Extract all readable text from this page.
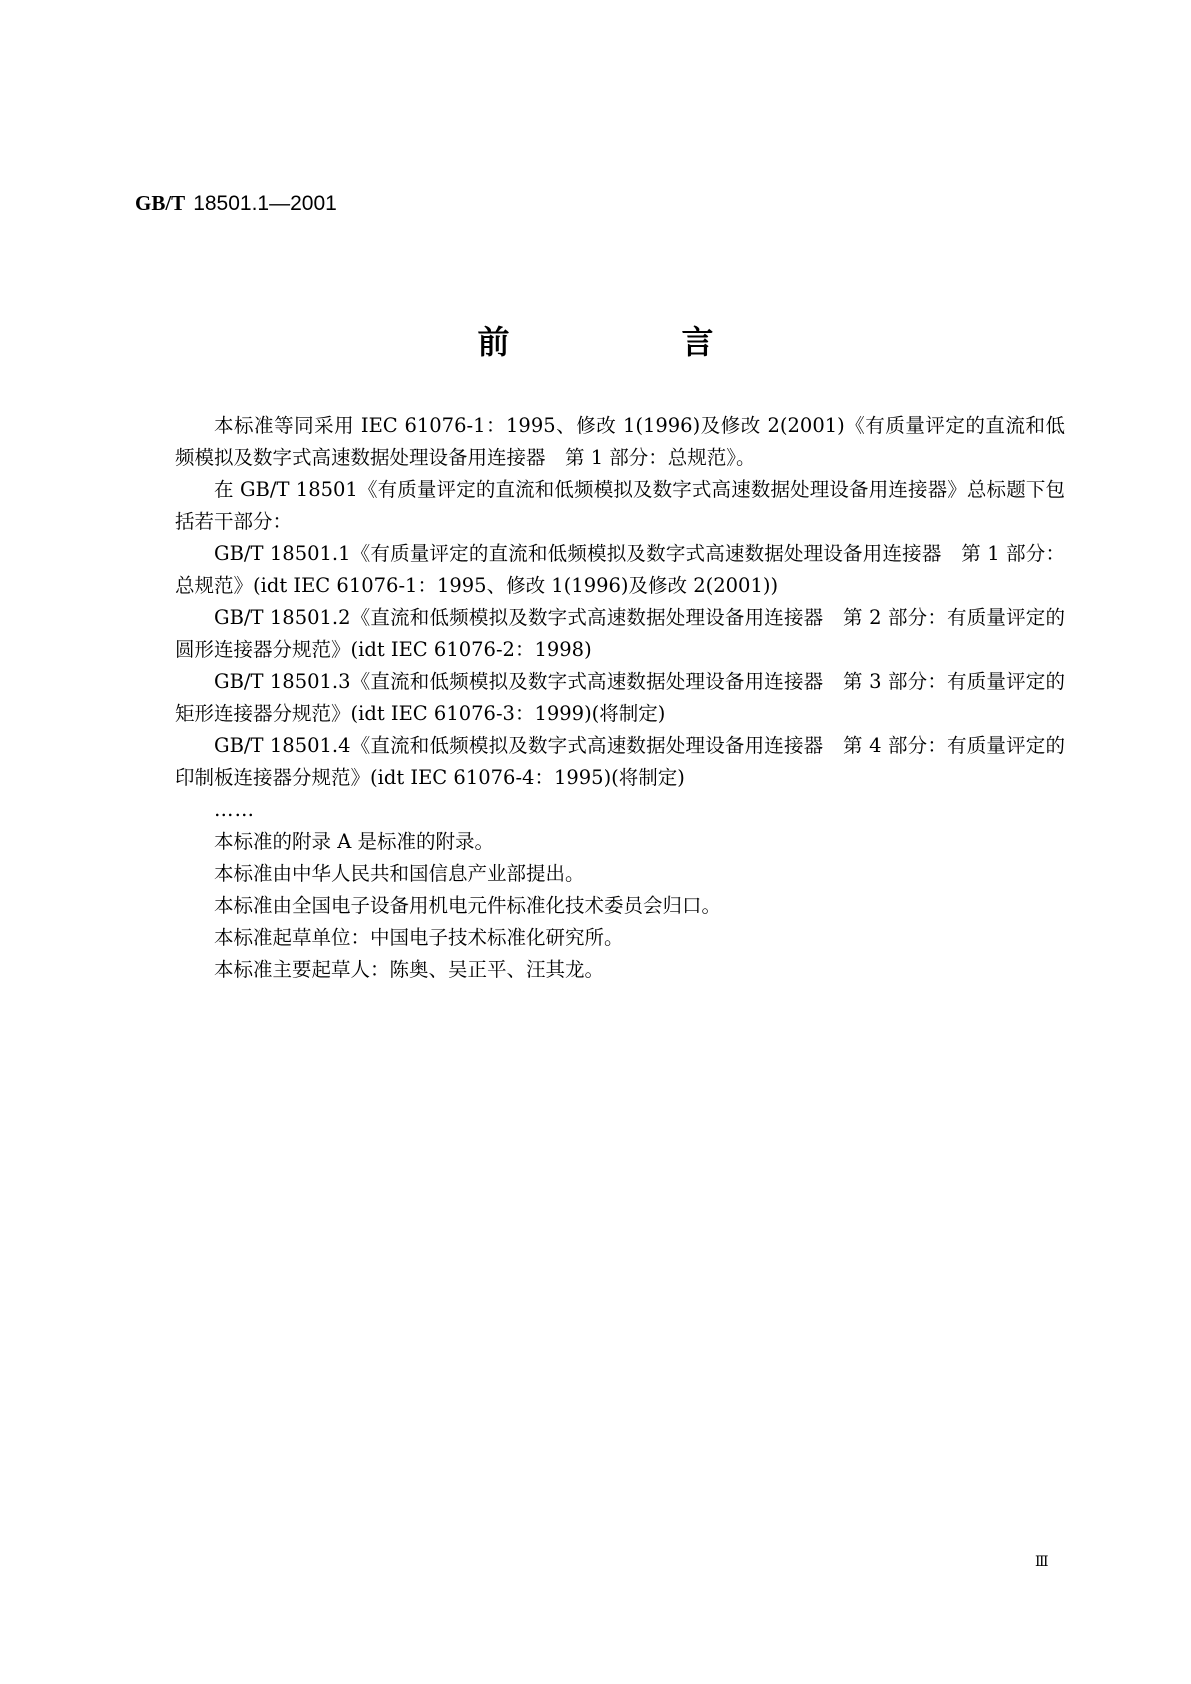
GB/T 18501.1—2001
前　言

本标准等同采用 IEC 61076-1：1995、修改 1(1996)及修改 2(2001)《有质量评定的直流和低频模拟及数字式高速数据处理设备用连接器　第 1 部分：总规范》。

在 GB/T 18501《有质量评定的直流和低频模拟及数字式高速数据处理设备用连接器》总标题下包括若干部分：

GB/T 18501.1《有质量评定的直流和低频模拟及数字式高速数据处理设备用连接器　第 1 部分：总规范》(idt IEC 61076-1：1995、修改 1(1996)及修改 2(2001))

GB/T 18501.2《直流和低频模拟及数字式高速数据处理设备用连接器　第 2 部分：有质量评定的圆形连接器分规范》(idt IEC 61076-2：1998)

GB/T 18501.3《直流和低频模拟及数字式高速数据处理设备用连接器　第 3 部分：有质量评定的矩形连接器分规范》(idt IEC 61076-3：1999)(将制定)

GB/T 18501.4《直流和低频模拟及数字式高速数据处理设备用连接器　第 4 部分：有质量评定的印制板连接器分规范》(idt IEC 61076-4：1995)(将制定)

……

本标准的附录 A 是标准的附录。

本标准由中华人民共和国信息产业部提出。

本标准由全国电子设备用机电元件标准化技术委员会归口。

本标准起草单位：中国电子技术标准化研究所。

本标准主要起草人：陈奥、吴正平、汪其龙。

Ⅲ
